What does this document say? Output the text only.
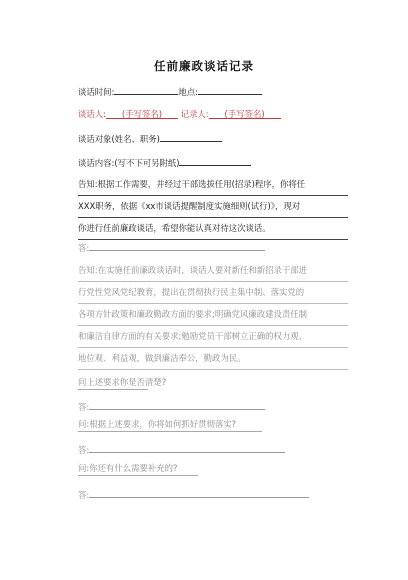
任前廉政谈话记录
谈话时间:	地点:
谈话人: (手写签名) 记录人: (手写签名)
谈话对象(姓名、职务)
谈话内容:(写不下可另附纸)
告知:根据工作需要，并经过干部选拔任用(招录)程序，你将任
XXX职务，依据《xx市谈话提醒制度实施细则(试行)》，现对
你进行任前廉政谈话，希望你能认真对待这次谈话。
答:
告知:在实施任前廉政谈话时，谈话人要对新任和新招录干部进
行党性党风党纪教育，提出在贯彻执行民主集中制、落实党的
各项方针政策和廉政勤政方面的要求;明确党风廉政建设责任制
和廉洁自律方面的有关要求;勉励党员干部树立正确的权力观、
地位观、利益观，做到廉洁奉公，勤政为民。
问上述要求你是否清楚?
答:
问:根据上述要求，你将如何抓好贯彻落实?
答:
问:你还有什么需要补充的?
答:
